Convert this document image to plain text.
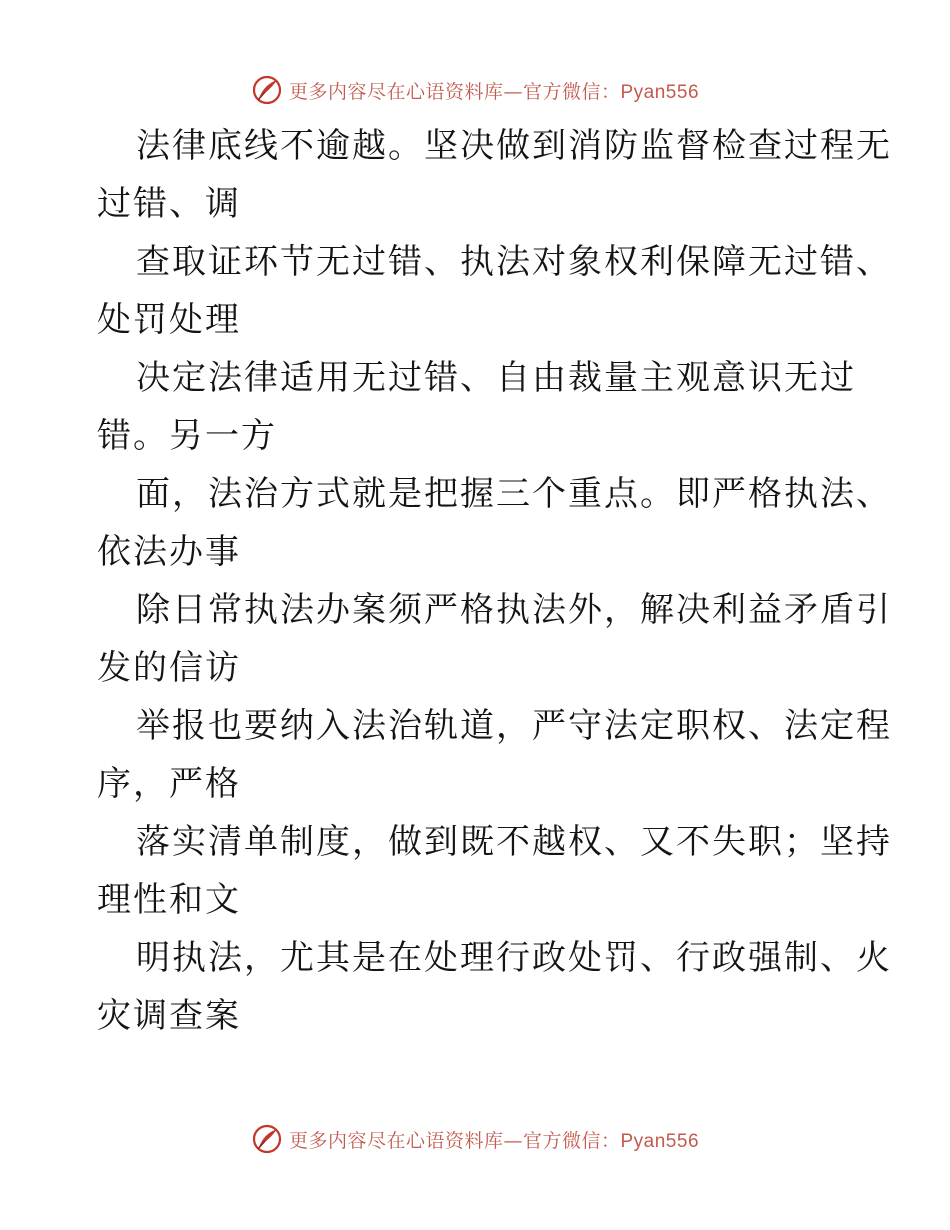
更多内容尽在心语资料库—官方微信：Pyan556
法律底线不逾越。坚决做到消防监督检查过程无
过错、调
查取证环节无过错、执法对象权利保障无过错、
处罚处理
决定法律适用无过错、自由裁量主观意识无过
错。另一方
面，法治方式就是把握三个重点。即严格执法、
依法办事
除日常执法办案须严格执法外，解决利益矛盾引
发的信访
举报也要纳入法治轨道，严守法定职权、法定程
序，严格
落实清单制度，做到既不越权、又不失职；坚持
理性和文
明执法，尤其是在处理行政处罚、行政强制、火
灾调查案
更多内容尽在心语资料库—官方微信：Pyan556
